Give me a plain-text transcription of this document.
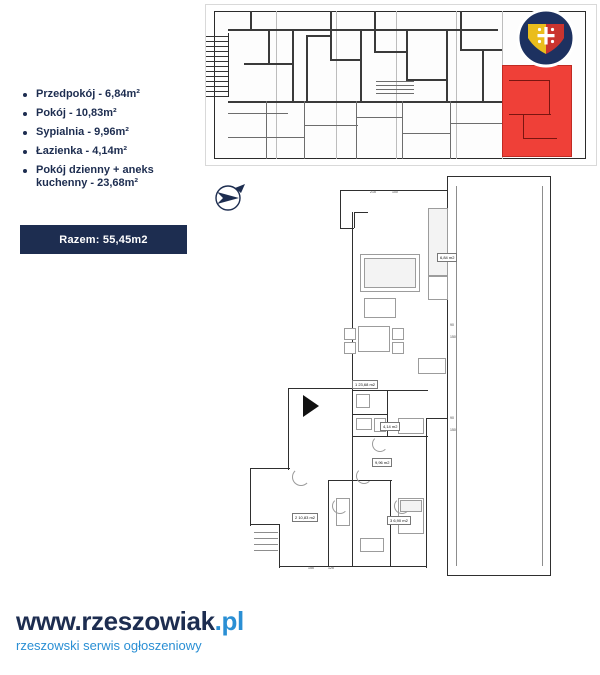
Przedpokój - 6,84m²
Pokój - 10,83m²
Sypialnia - 9,96m²
Łazienka - 4,14m²
Pokój dzienny + aneks kuchenny - 23,68m²
Razem: 55,45m2
1 23,68 m2
4,14 m2
9,96 m2
6,84 m2
2 10,83 m2
3 6,90 m2
215	100
90
150
90
150
125
155
www.rzeszowiak.pl
rzeszowski serwis ogłoszeniowy
